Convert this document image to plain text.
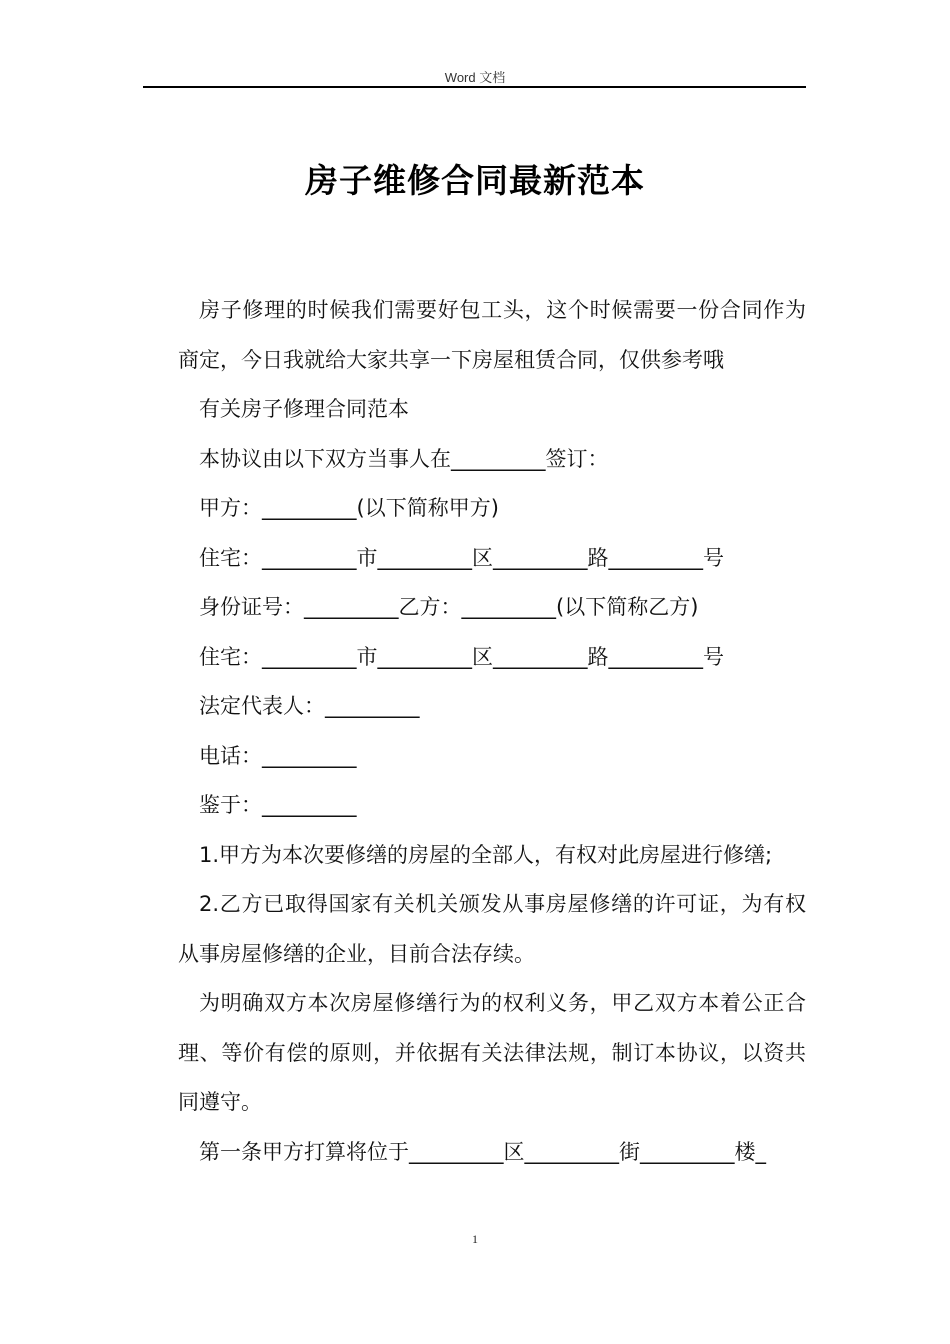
Word 文档
房子维修合同最新范本

房子修理的时候我们需要好包工头，这个时候需要一份合同作为商定，今日我就给大家共享一下房屋租赁合同，仅供参考哦

有关房子修理合同范本

本协议由以下双方当事人在_________签订：

甲方：_________(以下简称甲方)

住宅：_________市_________区_________路_________号

身份证号：_________乙方：_________(以下简称乙方)

住宅：_________市_________区_________路_________号

法定代表人：_________

电话：_________

鉴于：_________

1.甲方为本次要修缮的房屋的全部人，有权对此房屋进行修缮;

2.乙方已取得国家有关机关颁发从事房屋修缮的许可证，为有权从事房屋修缮的企业，目前合法存续。

为明确双方本次房屋修缮行为的权利义务，甲乙双方本着公正合理、等价有偿的原则，并依据有关法律法规，制订本协议，以资共同遵守。

第一条甲方打算将位于_________区_________街_________楼_

1
